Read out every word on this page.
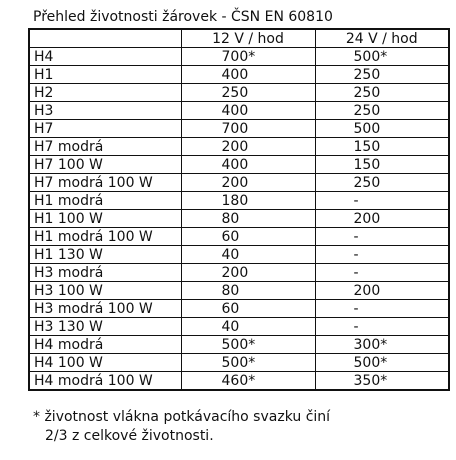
Přehled životnosti žárovek - ČSN EN 60810
	12 V / hod	24 V / hod
H4	700*	500*
H1	400	250
H2	250	250
H3	400	250
H7	700	500
H7 modrá	200	150
H7 100 W	400	150
H7 modrá 100 W	200	250
H1 modrá	180	-
H1 100 W	80	200
H1 modrá 100 W	60	-
H1 130 W	40	-
H3 modrá	200	-
H3 100 W	80	200
H3 modrá 100 W	60	-
H3 130 W	40	-
H4 modrá	500*	300*
H4 100 W	500*	500*
H4 modrá 100 W	460*	350*
* životnost vlákna potkávacího svazku činí
2/3 z celkové životnosti.
